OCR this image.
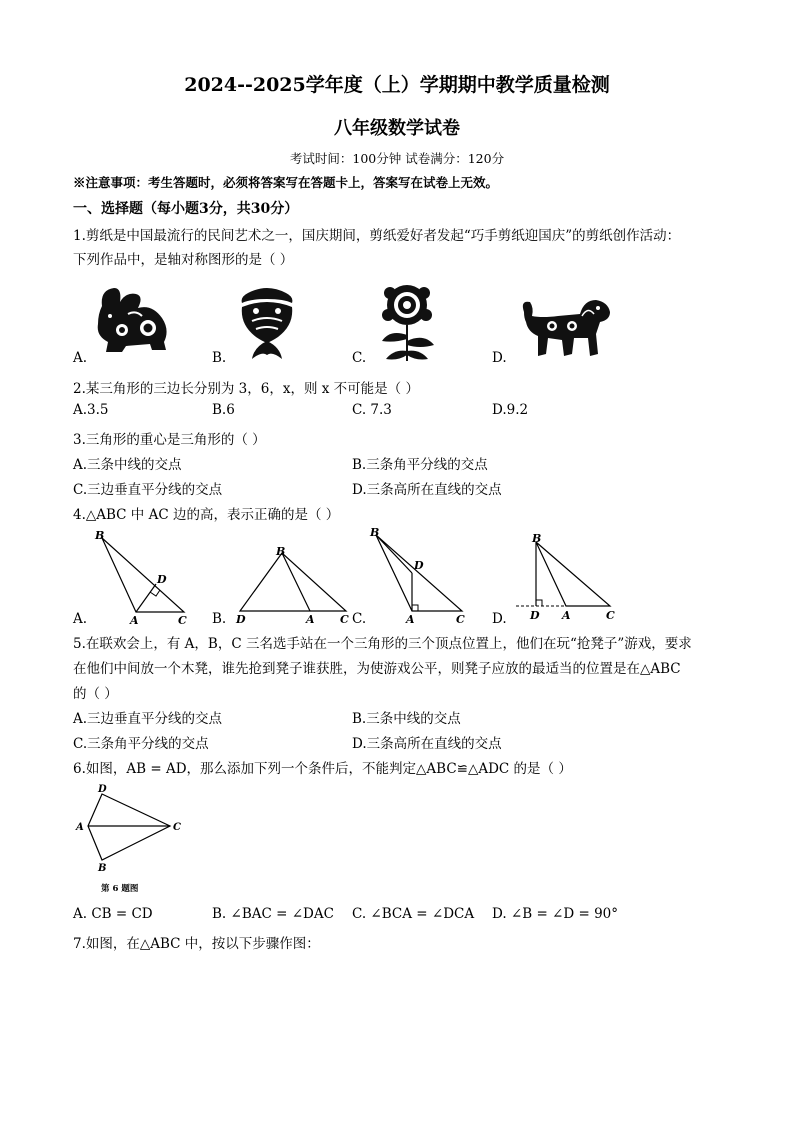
2024--2025学年度（上）学期期中教学质量检测
八年级数学试卷
考试时间：100分钟 试卷满分：120分
※注意事项：考生答题时，必须将答案写在答题卡上，答案写在试卷上无效。
一、选择题（每小题3分，共30分）
1.剪纸是中国最流行的民间艺术之一，国庆期间，剪纸爱好者发起“巧手剪纸迎国庆”的剪纸创作活动：
下列作品中，是轴对称图形的是（ ）
A.	B.	C.	D.
2.某三角形的三边长分别为 3，6，x，则 x 不可能是（ ）
A.3.5	B.6	C. 7.3	D.9.2
3.三角形的重心是三角形的（ ）
A.三条中线的交点	B.三条角平分线的交点
C.三边垂直平分线的交点	D.三条高所在直线的交点
4.△ABC 中 AC 边的高，表示正确的是（ ）
A.
B
D
A	C B.
B
D	A C C.
B
D
A	C D.
B
D A	C
5.在联欢会上，有 A，B，C 三名选手站在一个三角形的三个顶点位置上，他们在玩“抢凳子”游戏，要求
在他们中间放一个木凳，谁先抢到凳子谁获胜，为使游戏公平，则凳子应放的最适当的位置是在△ABC
的（ ）
A.三边垂直平分线的交点	B.三条中线的交点
C.三条角平分线的交点	D.三条高所在直线的交点
6.如图，AB = AD，那么添加下列一个条件后，不能判定△ABC≌△ADC 的是（ ）
D
A	C
B
第 6 题图
A. CB = CD	B. ∠BAC = ∠DAC C. ∠BCA = ∠DCA D. ∠B = ∠D = 90°
7.如图，在△ABC 中，按以下步骤作图：
